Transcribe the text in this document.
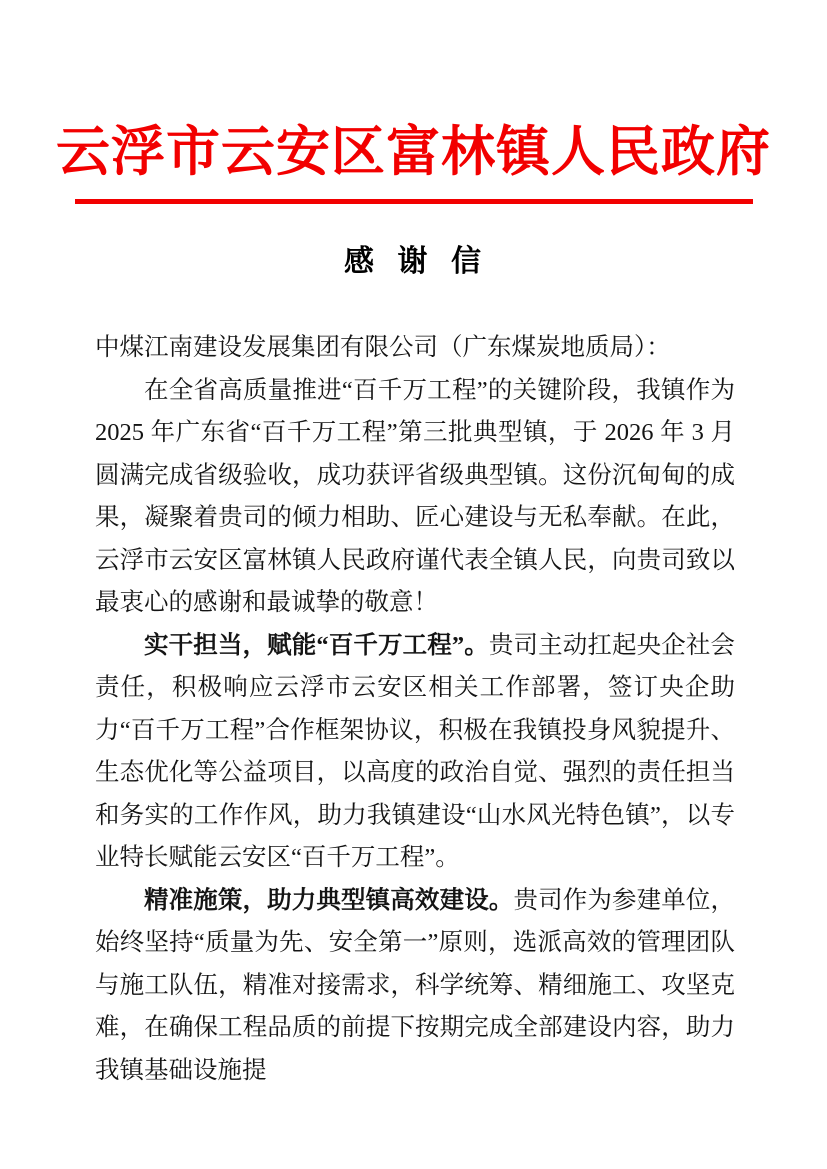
云浮市云安区富林镇人民政府
感 谢 信

中煤江南建设发展集团有限公司（广东煤炭地质局）：

在全省高质量推进“百千万工程”的关键阶段，我镇作为 2025 年广东省“百千万工程”第三批典型镇，于 2026 年 3 月圆满完成省级验收，成功获评省级典型镇。这份沉甸甸的成果，凝聚着贵司的倾力相助、匠心建设与无私奉献。在此，云浮市云安区富林镇人民政府谨代表全镇人民，向贵司致以最衷心的感谢和最诚挚的敬意！

实干担当，赋能“百千万工程”。贵司主动扛起央企社会责任，积极响应云浮市云安区相关工作部署，签订央企助力“百千万工程”合作框架协议，积极在我镇投身风貌提升、生态优化等公益项目，以高度的政治自觉、强烈的责任担当和务实的工作作风，助力我镇建设“山水风光特色镇”，以专业特长赋能云安区“百千万工程”。

精准施策，助力典型镇高效建设。贵司作为参建单位，始终坚持“质量为先、安全第一”原则，选派高效的管理团队与施工队伍，精准对接需求，科学统筹、精细施工、攻坚克难，在确保工程品质的前提下按期完成全部建设内容，助力我镇基础设施提
